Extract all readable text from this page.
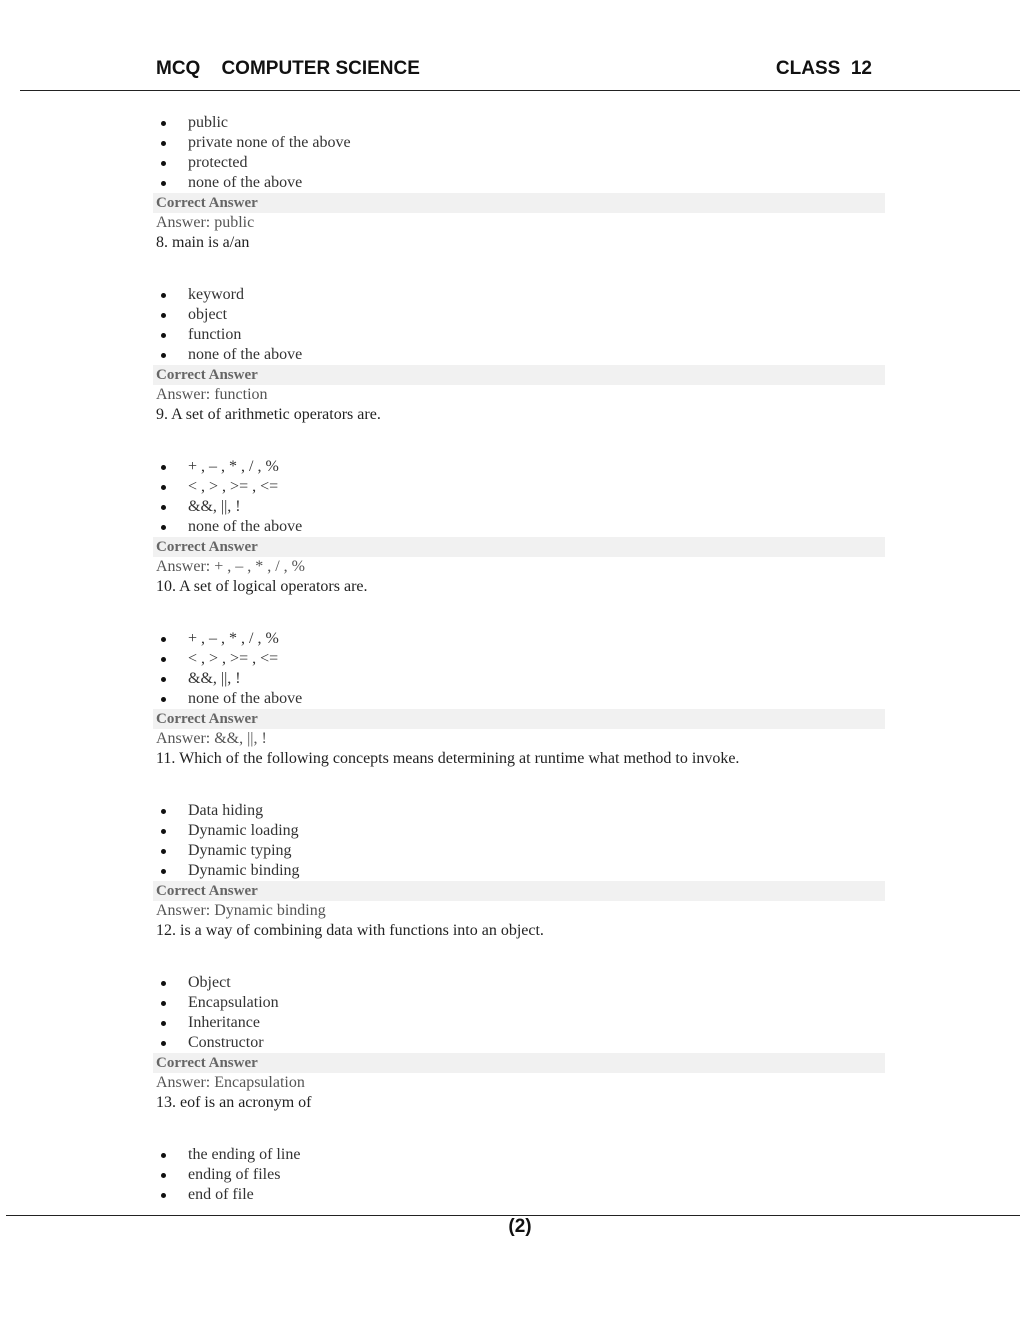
MCQ    COMPUTER SCIENCE	CLASS  12
public
private none of the above
protected
none of the above
Correct Answer
Answer: public
8. main is a/an
keyword
object
function
none of the above
Correct Answer
Answer: function
9. A set of arithmetic operators are.
+ , – , * , / , %
< , > , >= , <=
&&, ||, !
none of the above
Correct Answer
Answer: + , – , * , / , %
10. A set of logical operators are.
+ , – , * , / , %
< , > , >= , <=
&&, ||, !
none of the above
Correct Answer
Answer: &&, ||, !
11. Which of the following concepts means determining at runtime what method to invoke.
Data hiding
Dynamic loading
Dynamic typing
Dynamic binding
Correct Answer
Answer: Dynamic binding
12. is a way of combining data with functions into an object.
Object
Encapsulation
Inheritance
Constructor
Correct Answer
Answer: Encapsulation
13. eof is an acronym of
the ending of line
ending of files
end of file
(2)
